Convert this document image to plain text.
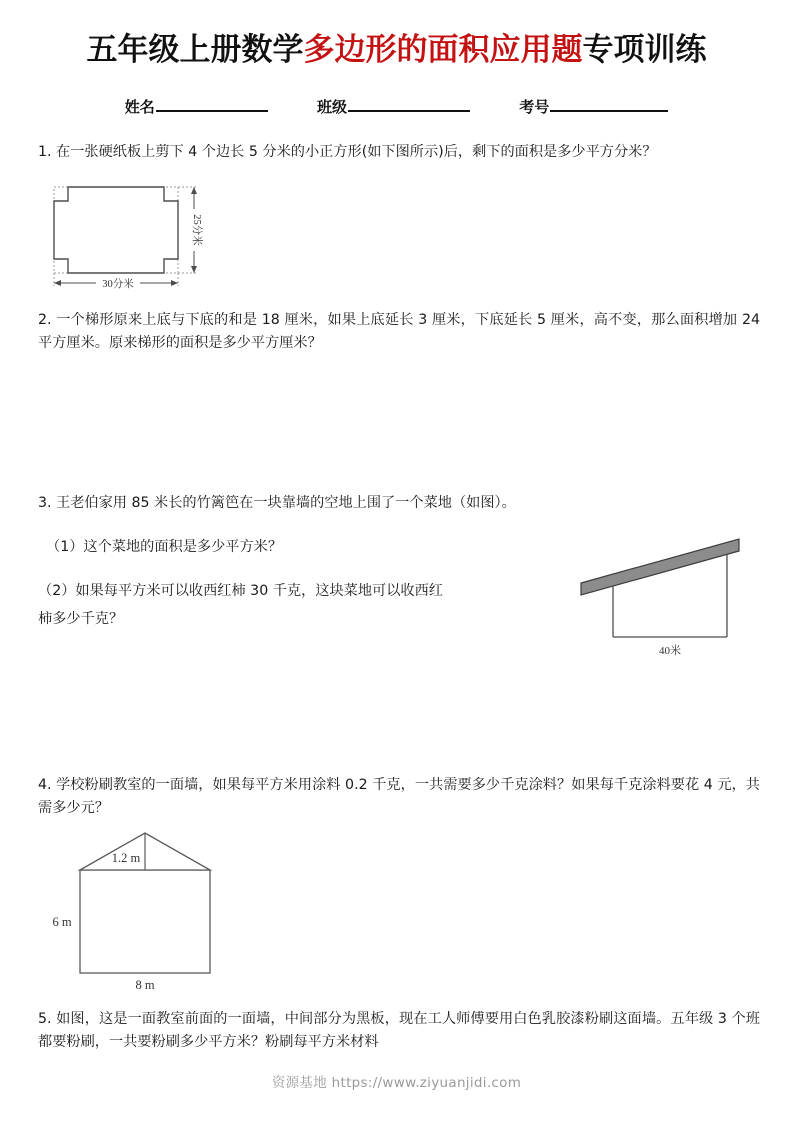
五年级上册数学多边形的面积应用题专项训练
姓名	班级	考号
1. 在一张硬纸板上剪下 4 个边长 5 分米的小正方形(如下图所示)后，剩下的面积是多少平方分米？
30分米
25分米
2. 一个梯形原来上底与下底的和是 18 厘米，如果上底延长 3 厘米，下底延长 5 厘米，高不变，那么面积增加 24 平方厘米。原来梯形的面积是多少平方厘米？
3. 王老伯家用 85 米长的竹篱笆在一块靠墙的空地上围了一个菜地（如图）。
（1）这个菜地的面积是多少平方米？
（2）如果每平方米可以收西红柿 30 千克，这块菜地可以收西红
柿多少千克？
40米
4. 学校粉刷教室的一面墙，如果每平方米用涂料 0.2 千克，一共需要多少千克涂料？如果每千克涂料要花 4 元，共需多少元？
1.2 m
6 m
8 m
5. 如图，这是一面教室前面的一面墙，中间部分为黑板，现在工人师傅要用白色乳胶漆粉刷这面墙。五年级 3 个班都要粉刷，一共要粉刷多少平方米？粉刷每平方米材料
资源基地 https://www.ziyuanjidi.com
